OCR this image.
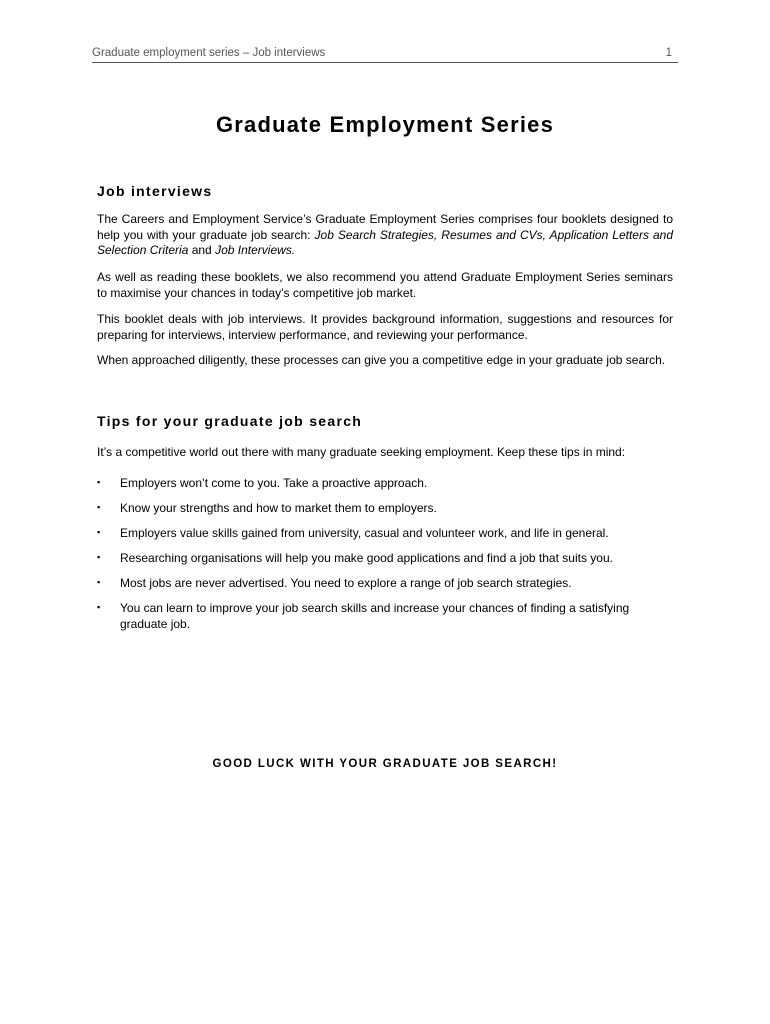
Graduate employment series – Job interviews	1
Graduate Employment Series
Job interviews

The Careers and Employment Service’s Graduate Employment Series comprises four booklets designed to help you with your graduate job search: Job Search Strategies, Resumes and CVs, Application Letters and Selection Criteria and Job Interviews.

As well as reading these booklets, we also recommend you attend Graduate Employment Series seminars to maximise your chances in today’s competitive job market.

This booklet deals with job interviews. It provides background information, suggestions and resources for preparing for interviews, interview performance, and reviewing your performance.

When approached diligently, these processes can give you a competitive edge in your graduate job search.

Tips for your graduate job search

It’s a competitive world out there with many graduate seeking employment. Keep these tips in mind:

▪ Employers won’t come to you. Take a proactive approach.
▪ Know your strengths and how to market them to employers.
▪ Employers value skills gained from university, casual and volunteer work, and life in general.
▪ Researching organisations will help you make good applications and find a job that suits you.
▪ Most jobs are never advertised. You need to explore a range of job search strategies.
▪ You can learn to improve your job search skills and increase your chances of finding a satisfying graduate job.

GOOD LUCK WITH YOUR GRADUATE JOB SEARCH!
